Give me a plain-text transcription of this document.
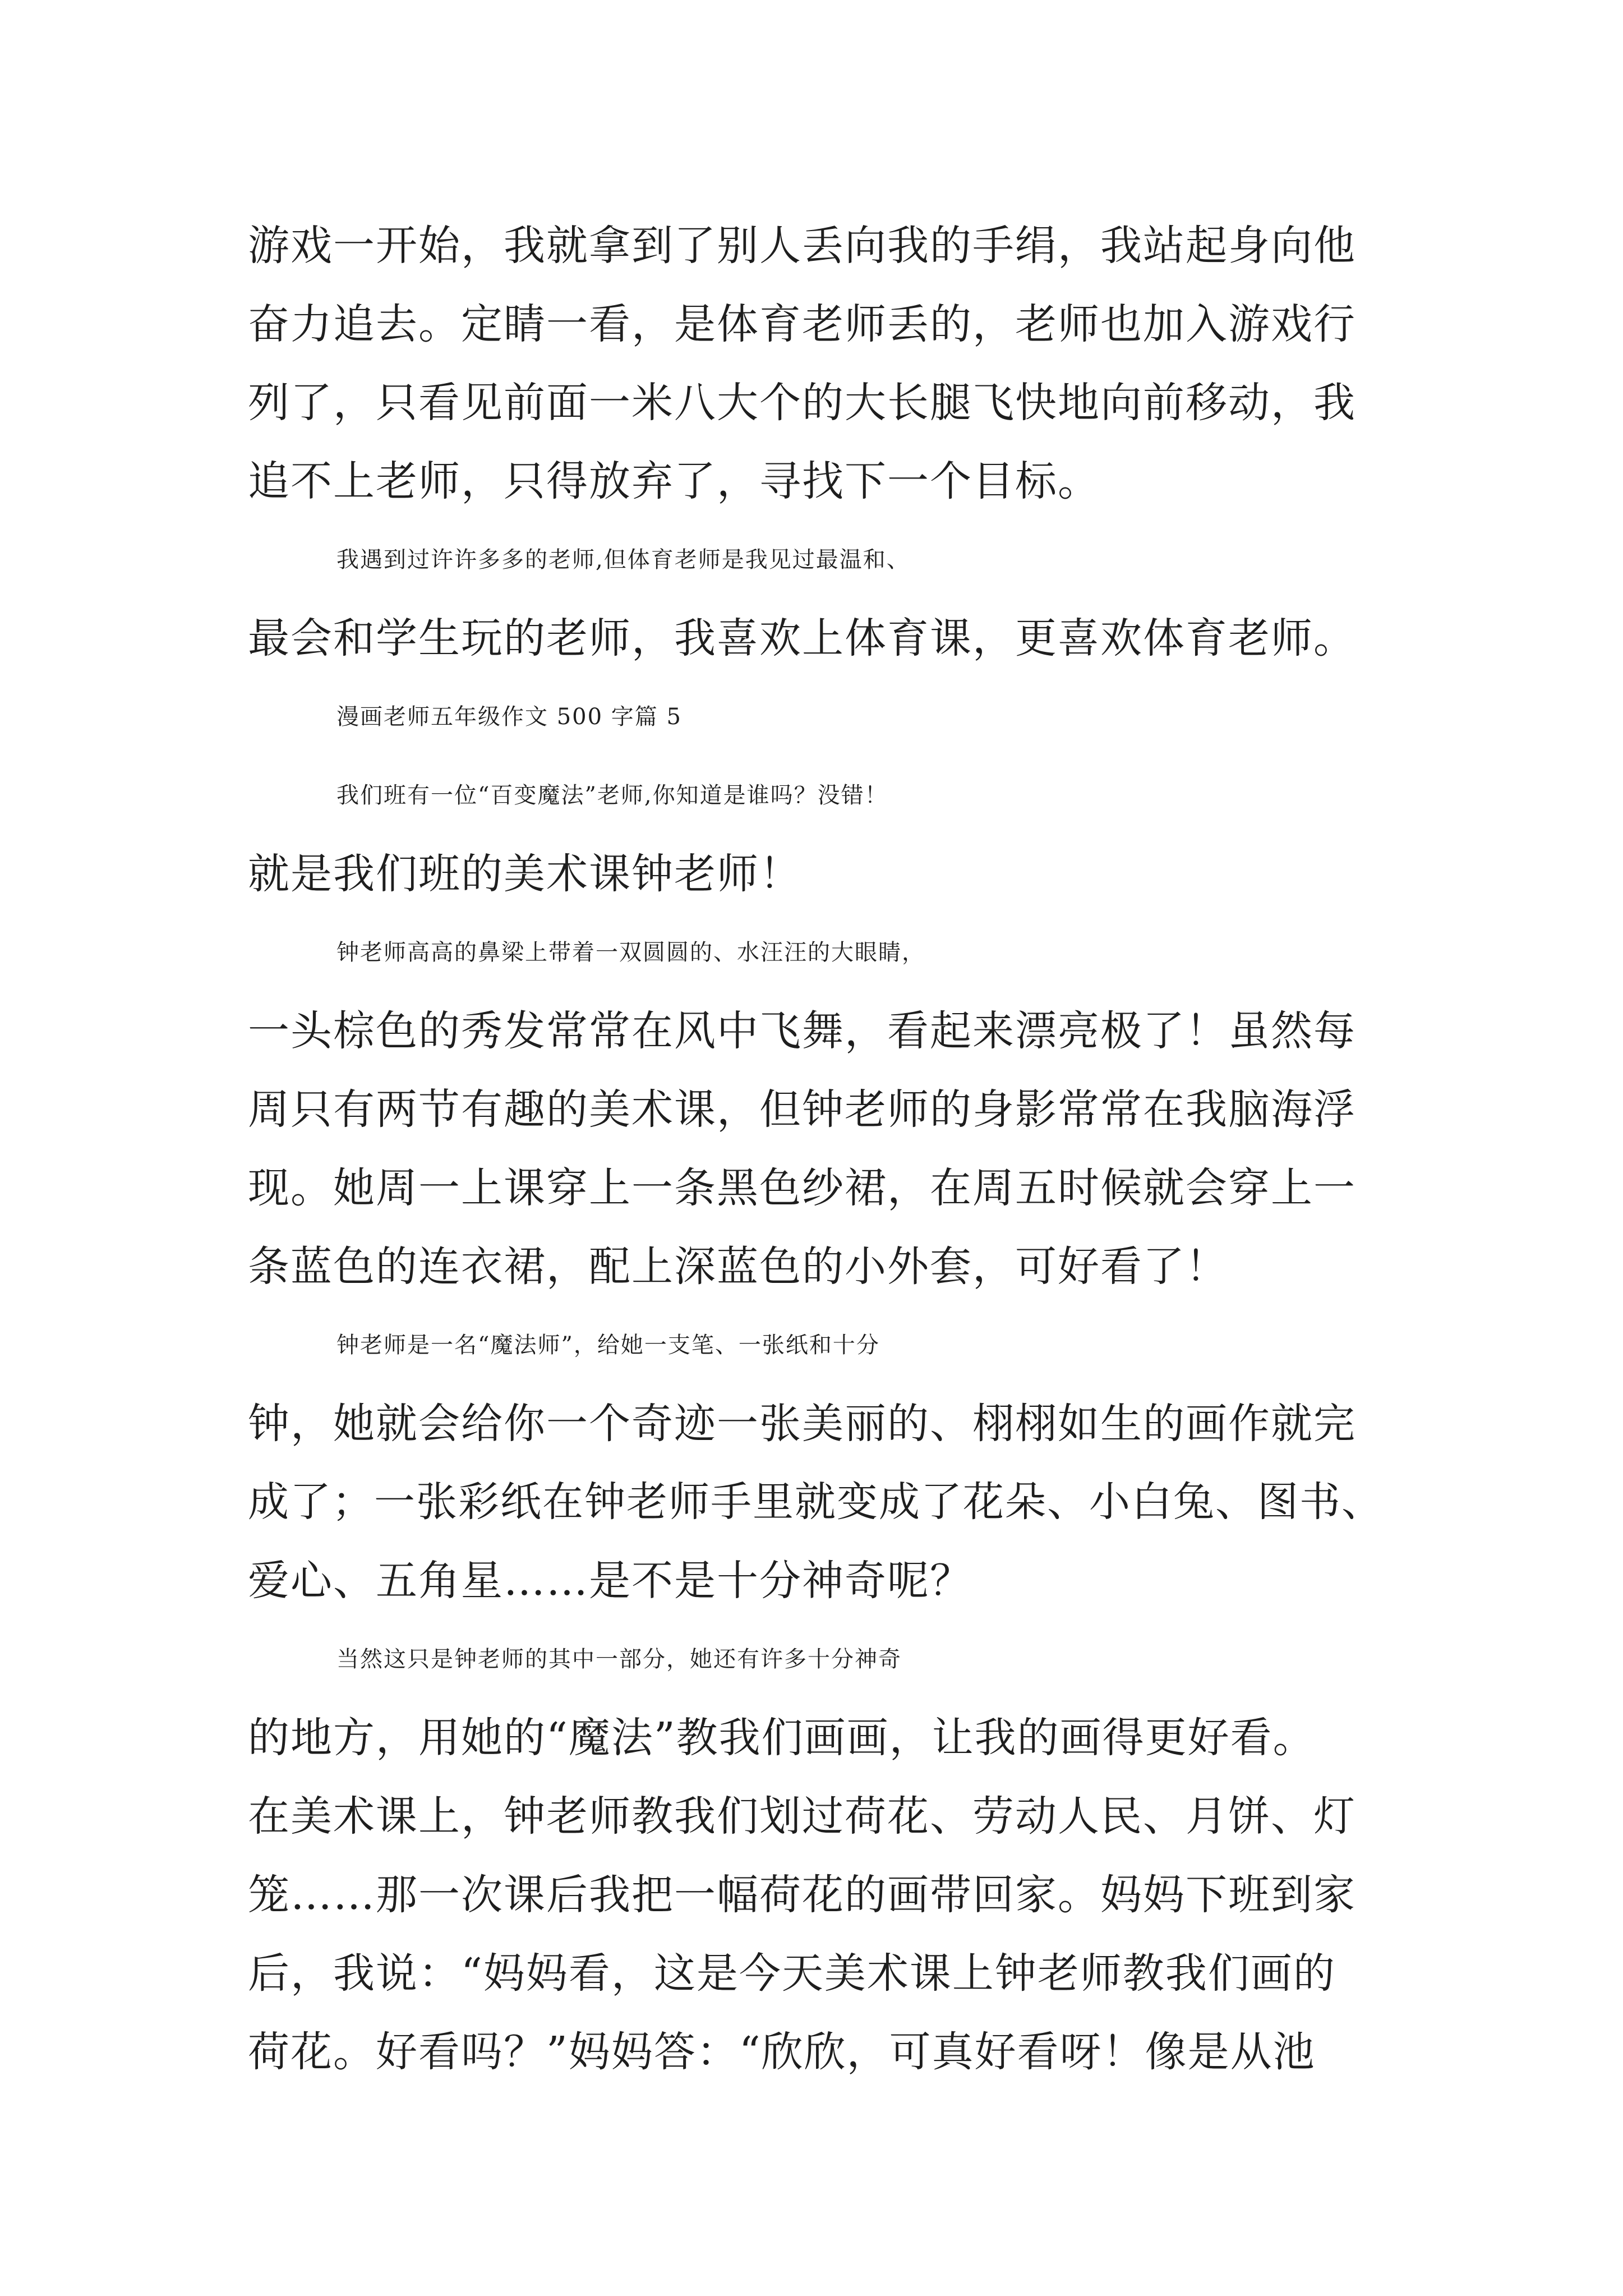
游戏一开始，我就拿到了别人丢向我的手绢，我站起身向他
奋力追去。定睛一看，是体育老师丢的，老师也加入游戏行
列了，只看见前面一米八大个的大长腿飞快地向前移动，我
追不上老师，只得放弃了，寻找下一个目标。
我遇到过许许多多的老师,但体育老师是我见过最温和、
最会和学生玩的老师，我喜欢上体育课，更喜欢体育老师。
漫画老师五年级作文 500 字篇 5
我们班有一位“百变魔法”老师,你知道是谁吗？没错！
就是我们班的美术课钟老师！
钟老师高高的鼻梁上带着一双圆圆的、水汪汪的大眼睛，
一头棕色的秀发常常在风中飞舞，看起来漂亮极了！虽然每
周只有两节有趣的美术课，但钟老师的身影常常在我脑海浮
现。她周一上课穿上一条黑色纱裙，在周五时候就会穿上一
条蓝色的连衣裙，配上深蓝色的小外套，可好看了！
钟老师是一名“魔法师”，给她一支笔、一张纸和十分
钟，她就会给你一个奇迹一张美丽的、栩栩如生的画作就完
成了；一张彩纸在钟老师手里就变成了花朵、小白兔、图书、
爱心、五角星……是不是十分神奇呢？
当然这只是钟老师的其中一部分，她还有许多十分神奇
的地方，用她的“魔法”教我们画画，让我的画得更好看。
在美术课上，钟老师教我们划过荷花、劳动人民、月饼、灯
笼……那一次课后我把一幅荷花的画带回家。妈妈下班到家
后，我说：“妈妈看，这是今天美术课上钟老师教我们画的
荷花。好看吗？”妈妈答：“欣欣，可真好看呀！像是从池
